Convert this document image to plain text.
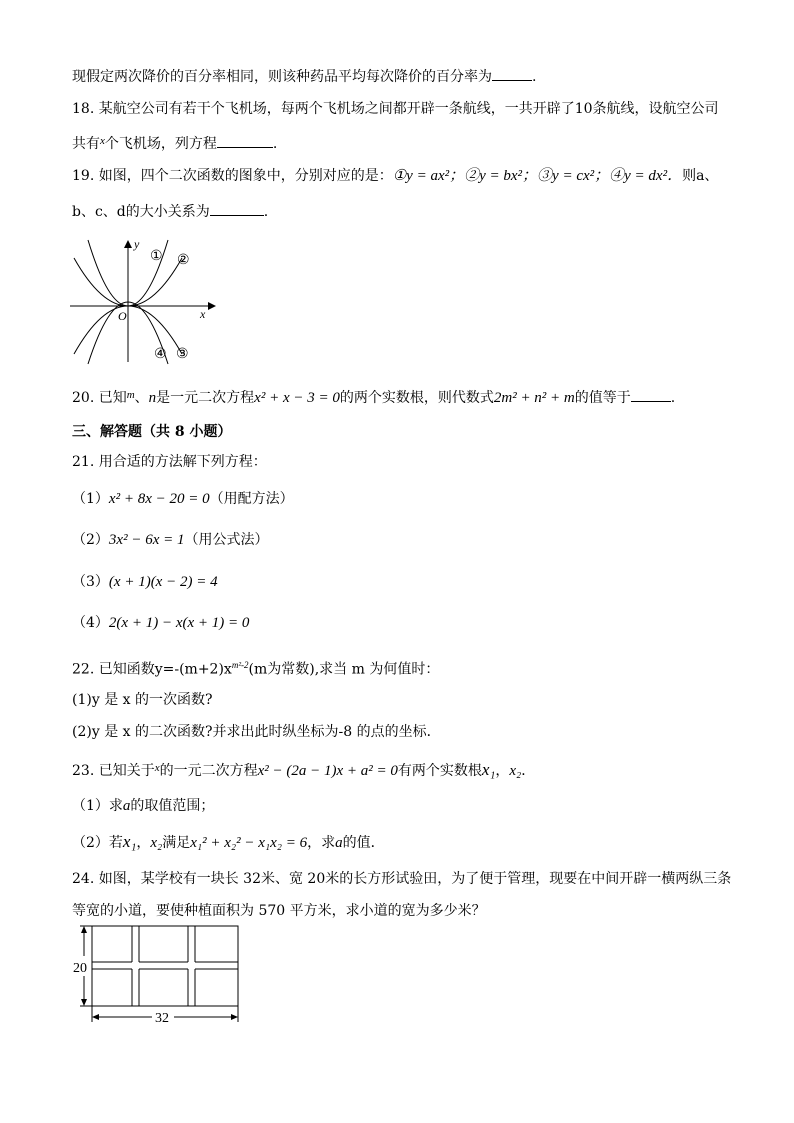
现假定两次降价的百分率相同，则该种药品平均每次降价的百分率为	.
18. 某航空公司有若干个飞机场，每两个飞机场之间都开辟一条航线，一共开辟了10条航线，设航空公司
共有$^x$个飞机场，列方程	.
19. 如图，四个二次函数的图象中，分别对应的是：①y = ax²；②y = bx²；③y = cx²；④y = dx²．则a、
b、c、d的大小关系为	.
y
x
O
① ②
③
④
20. 已知$^m$、n是一元二次方程x² + x − 3 = 0的两个实数根，则代数式2m² + n² + m的值等于	.
三、解答题（共 8 小题）
21. 用合适的方法解下列方程：
（1）x² + 8x − 20 = 0（用配方法）
（2）3x² − 6x = 1（用公式法）
（3）(x + 1)(x − 2) = 4
（4）2(x + 1) − x(x + 1) = 0
22. 已知函数$y=-(m+2)x^{m^2-2}(m$为常数),求当 m 为何值时：
(1)y 是 x 的一次函数?
(2)y 是 x 的二次函数?并求出此时纵坐标为-8 的点的坐标．
23. 已知关于$^x$的一元二次方程x² − (2a − 1)x + a² = 0有两个实数根x₁，x₂．
（1）求a的取值范围；
（2）若x₁，x₂满足x₁² + x₂² − x₁x₂ = 6，求a的值．
24. 如图，某学校有一块长 32米、宽 20米的长方形试验田，为了便于管理，现要在中间开辟一横两纵三条
等宽的小道，要使种植面积为 570 平方米，求小道的宽为多少米？
20
32
